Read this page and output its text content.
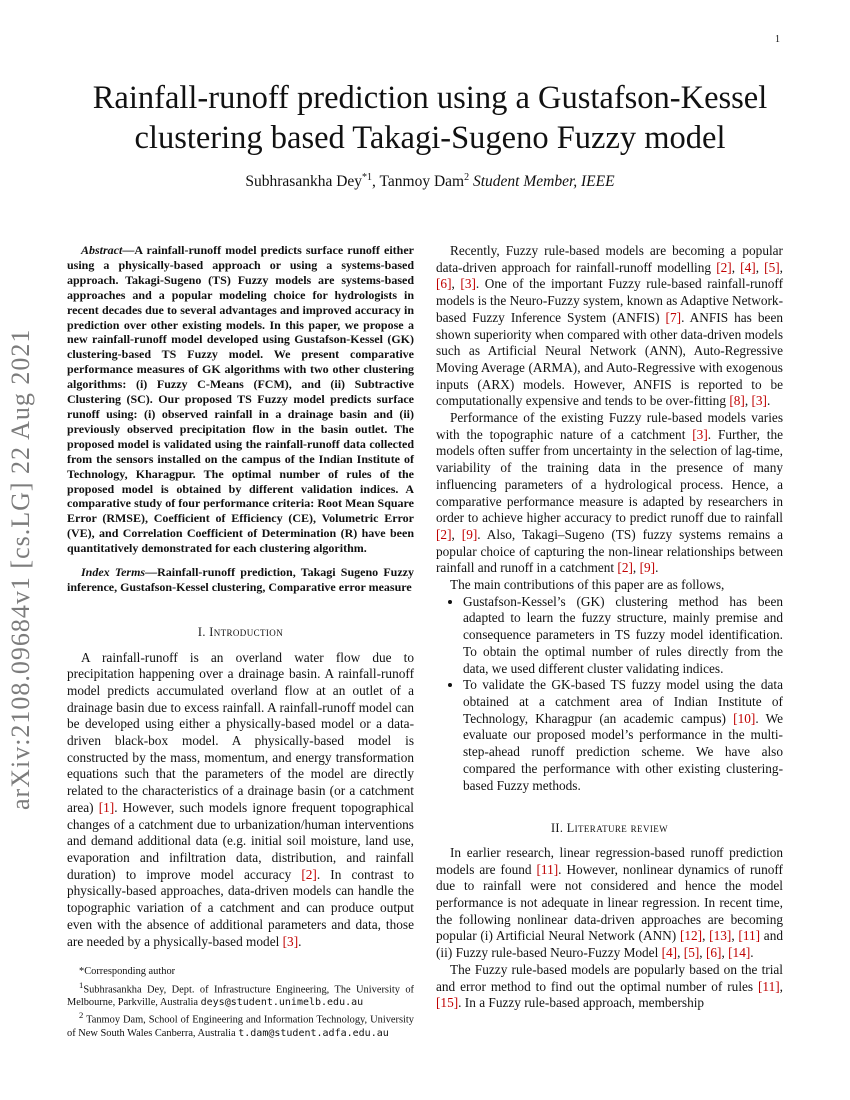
1
arXiv:2108.09684v1 [cs.LG] 22 Aug 2021
Rainfall-runoff prediction using a Gustafson-Kessel clustering based Takagi-Sugeno Fuzzy model
Subhrasankha Dey$^{*1}$, Tanmoy Dam$^2$ Student Member, IEEE

Abstract—A rainfall-runoff model predicts surface runoff either using a physically-based approach or using a systems-based approach. Takagi-Sugeno (TS) Fuzzy models are systems-based approaches and a popular modeling choice for hydrologists in recent decades due to several advantages and improved accuracy in prediction over other existing models. In this paper, we propose a new rainfall-runoff model developed using Gustafson-Kessel (GK) clustering-based TS Fuzzy model. We present comparative performance measures of GK algorithms with two other clustering algorithms: (i) Fuzzy C-Means (FCM), and (ii) Subtractive Clustering (SC). Our proposed TS Fuzzy model predicts surface runoff using: (i) observed rainfall in a drainage basin and (ii) previously observed precipitation flow in the basin outlet. The proposed model is validated using the rainfall-runoff data collected from the sensors installed on the campus of the Indian Institute of Technology, Kharagpur. The optimal number of rules of the proposed model is obtained by different validation indices. A comparative study of four performance criteria: Root Mean Square Error (RMSE), Coefficient of Efficiency (CE), Volumetric Error (VE), and Correlation Coefficient of Determination (R) have been quantitatively demonstrated for each clustering algorithm.

Index Terms—Rainfall-runoff prediction, Takagi Sugeno Fuzzy inference, Gustafson-Kessel clustering, Comparative error measure

I. Introduction

A rainfall-runoff is an overland water flow due to precipitation happening over a drainage basin. A rainfall-runoff model predicts accumulated overland flow at an outlet of a drainage basin due to excess rainfall. A rainfall-runoff model can be developed using either a physically-based model or a data-driven black-box model. A physically-based model is constructed by the mass, momentum, and energy transformation equations such that the parameters of the model are directly related to the characteristics of a drainage basin (or a catchment area) [1]. However, such models ignore frequent topographical changes of a catchment due to urbanization/human interventions and demand additional data (e.g. initial soil moisture, land use, evaporation and infiltration data, distribution, and rainfall duration) to improve model accuracy [2]. In contrast to physically-based approaches, data-driven models can handle the topographic variation of a catchment and can produce output even with the absence of additional parameters and data, those are needed by a physically-based model [3].

*Corresponding author

$^1$Subhrasankha Dey, Dept. of Infrastructure Engineering, The University of Melbourne, Parkville, Australia deys@student.unimelb.edu.au

$^2$ Tanmoy Dam, School of Engineering and Information Technology, University of New South Wales Canberra, Australia t.dam@student.adfa.edu.au

Recently, Fuzzy rule-based models are becoming a popular data-driven approach for rainfall-runoff modelling [2], [4], [5], [6], [3]. One of the important Fuzzy rule-based rainfall-runoff models is the Neuro-Fuzzy system, known as Adaptive Network-based Fuzzy Inference System (ANFIS) [7]. ANFIS has been shown superiority when compared with other data-driven models such as Artificial Neural Network (ANN), Auto-Regressive Moving Average (ARMA), and Auto-Regressive with exogenous inputs (ARX) models. However, ANFIS is reported to be computationally expensive and tends to be over-fitting [8], [3].

Performance of the existing Fuzzy rule-based models varies with the topographic nature of a catchment [3]. Further, the models often suffer from uncertainty in the selection of lag-time, variability of the training data in the presence of many influencing parameters of a hydrological process. Hence, a comparative performance measure is adapted by researchers in order to achieve higher accuracy to predict runoff due to rainfall [2], [9]. Also, Takagi–Sugeno (TS) fuzzy systems remains a popular choice of capturing the non-linear relationships between rainfall and runoff in a catchment [2], [9].

The main contributions of this paper are as follows,

• Gustafson-Kessel’s (GK) clustering method has been adapted to learn the fuzzy structure, mainly premise and consequence parameters in TS fuzzy model identification. To obtain the optimal number of rules directly from the data, we used different cluster validating indices.
• To validate the GK-based TS fuzzy model using the data obtained at a catchment area of Indian Institute of Technology, Kharagpur (an academic campus) [10]. We evaluate our proposed model’s performance in the multi-step-ahead runoff prediction scheme. We have also compared the performance with other existing clustering-based Fuzzy methods.
II. Literature review

In earlier research, linear regression-based runoff prediction models are found [11]. However, nonlinear dynamics of runoff due to rainfall were not considered and hence the model performance is not adequate in linear regression. In recent time, the following nonlinear data-driven approaches are becoming popular (i) Artificial Neural Network (ANN) [12], [13], [11] and (ii) Fuzzy rule-based Neuro-Fuzzy Model [4], [5], [6], [14].

The Fuzzy rule-based models are popularly based on the trial and error method to find out the optimal number of rules [11], [15]. In a Fuzzy rule-based approach, membership
